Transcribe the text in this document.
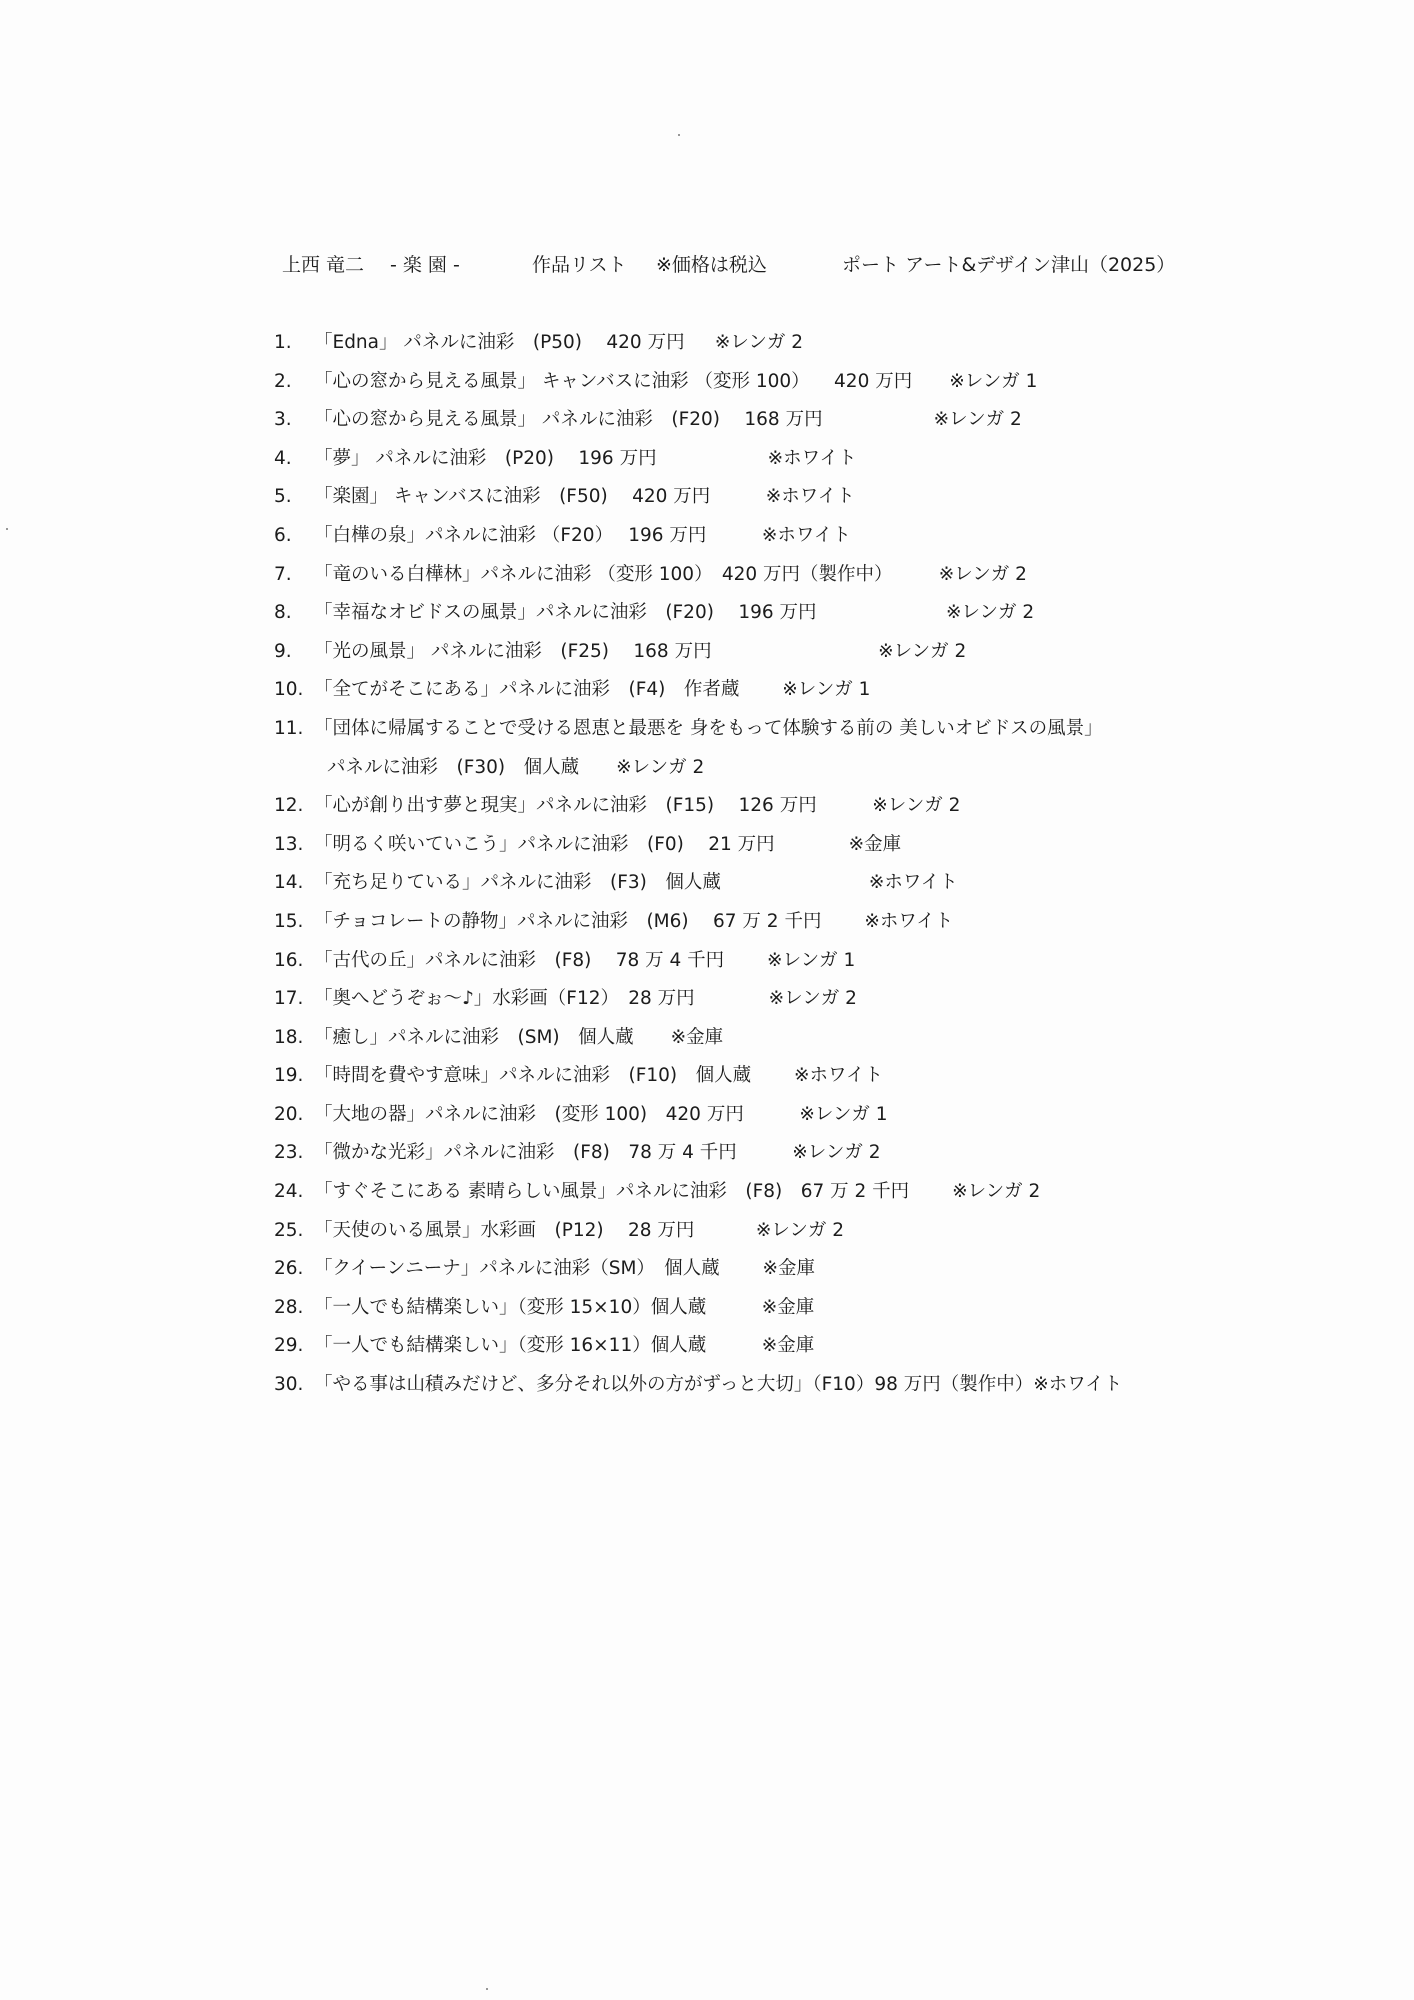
上西 竜二 - 楽 園 -	作品リスト ※価格は税込	ポート アート&デザイン津山（2025）
1. 「Edna」 パネルに油彩　(P50)　 420 万円 　 ※レンガ 2
2. 「心の窓から見える風景」 キャンバスに油彩 （変形 100） 　420 万円　　※レンガ 1
3. 「心の窓から見える風景」 パネルに油彩　(F20) 　168 万円　　　　　　※レンガ 2
4. 「夢」 パネルに油彩　(P20)　 196 万円　　　　　　※ホワイト
5. 「楽園」 キャンバスに油彩　(F50)　 420 万円　　　※ホワイト
6. 「白樺の泉」パネルに油彩 （F20）　 196 万円　　　※ホワイト
7. 「竜のいる白樺林」パネルに油彩 （変形 100）　420 万円（製作中）　　　※レンガ 2
8. 「幸福なオビドスの風景」パネルに油彩　(F20)　 196 万円　　　　　　　※レンガ 2
9. 「光の風景」 パネルに油彩　(F25)　 168 万円　　　　　　　　　※レンガ 2
10. 「全てがそこにある」パネルに油彩　(F4)　作者蔵　　 ※レンガ 1
11. 「団体に帰属することで受ける恩恵と最悪を 身をもって体験する前の 美しいオビドスの風景」
パネルに油彩　(F30)　個人蔵　　※レンガ 2
12. 「心が創り出す夢と現実」パネルに油彩　(F15)　 126 万円　　　※レンガ 2
13. 「明るく咲いていこう」パネルに油彩　(F0)　 21 万円　　　　※金庫
14. 「充ち足りている」パネルに油彩　(F3)　個人蔵　　　　　　　　※ホワイト
15. 「チョコレートの静物」パネルに油彩　(M6)　 67 万 2 千円　　 ※ホワイト
16. 「古代の丘」パネルに油彩　(F8)　 78 万 4 千円　　 ※レンガ 1
17. 「奥へどうぞぉ～♪」水彩画（F12）　28 万円　　　　※レンガ 2
18. 「癒し」パネルに油彩　(SM)　個人蔵　　※金庫
19. 「時間を費やす意味」パネルに油彩　(F10)　個人蔵　　 ※ホワイト
20. 「大地の器」パネルに油彩　(変形 100)　420 万円　　　※レンガ 1
23. 「微かな光彩」パネルに油彩　(F8)　78 万 4 千円　　　※レンガ 2
24. 「すぐそこにある 素晴らしい風景」パネルに油彩　(F8)　67 万 2 千円　　 ※レンガ 2
25. 「天使のいる風景」水彩画　(P12)　 28 万円　　　 ※レンガ 2
26. 「クイーンニーナ」パネルに油彩（SM）　個人蔵　　 ※金庫
28. 「一人でも結構楽しい」（変形 15×10）個人蔵　　　※金庫
29. 「一人でも結構楽しい」（変形 16×11）個人蔵　　　※金庫
30. 「やる事は山積みだけど、多分それ以外の方がずっと大切」（F10）98 万円（製作中）※ホワイト
